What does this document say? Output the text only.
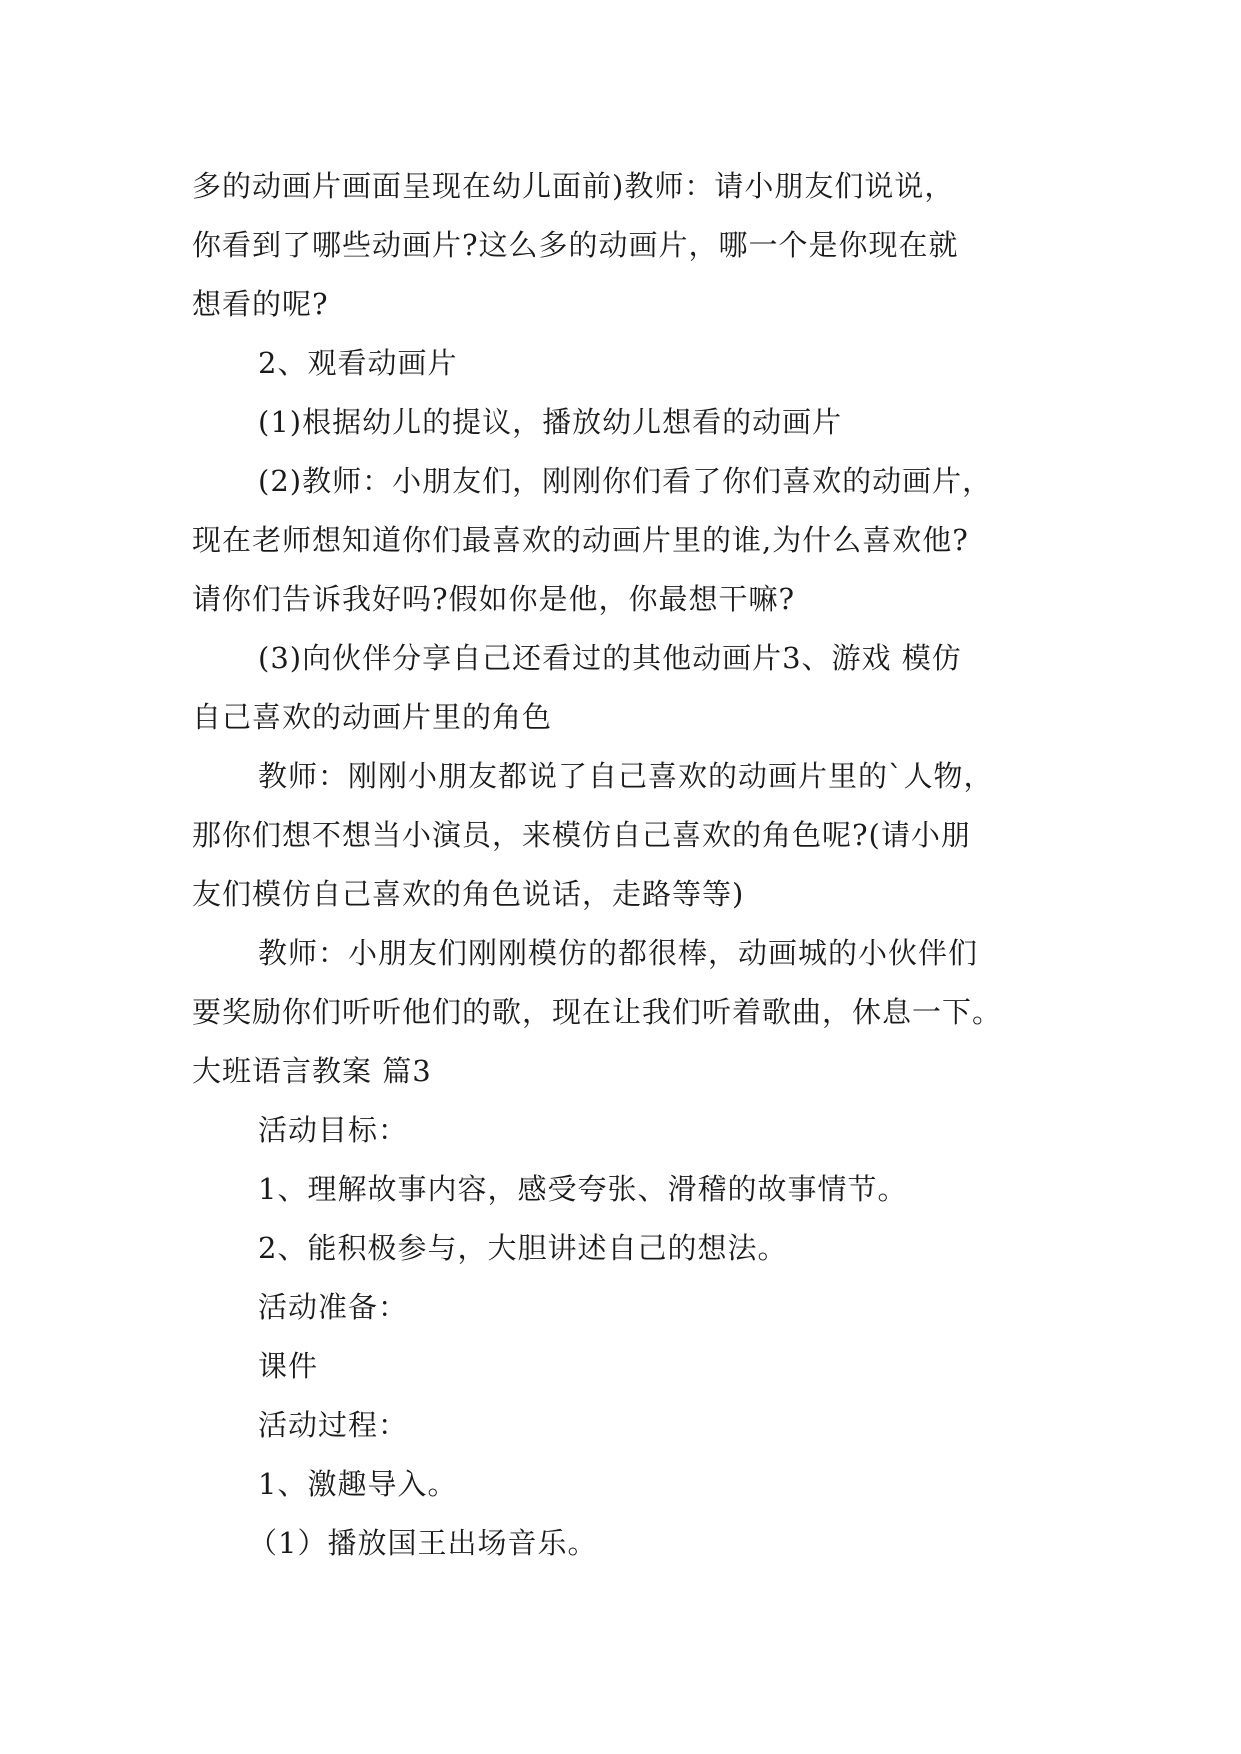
多的动画片画面呈现在幼儿面前)教师：请小朋友们说说，
你看到了哪些动画片?这么多的动画片，哪一个是你现在就
想看的呢?
2、观看动画片
(1)根据幼儿的提议，播放幼儿想看的动画片
(2)教师：小朋友们，刚刚你们看了你们喜欢的动画片，
现在老师想知道你们最喜欢的动画片里的谁,为什么喜欢他?
请你们告诉我好吗?假如你是他，你最想干嘛?
(3)向伙伴分享自己还看过的其他动画片3、游戏 模仿
自己喜欢的动画片里的角色
教师：刚刚小朋友都说了自己喜欢的动画片里的`人物，
那你们想不想当小演员，来模仿自己喜欢的角色呢?(请小朋
友们模仿自己喜欢的角色说话，走路等等)
教师：小朋友们刚刚模仿的都很棒，动画城的小伙伴们
要奖励你们听听他们的歌，现在让我们听着歌曲，休息一下。
大班语言教案 篇3
活动目标：
1、理解故事内容，感受夸张、滑稽的故事情节。
2、能积极参与，大胆讲述自己的想法。
活动准备：
课件
活动过程：
1、激趣导入。
（1）播放国王出场音乐。
